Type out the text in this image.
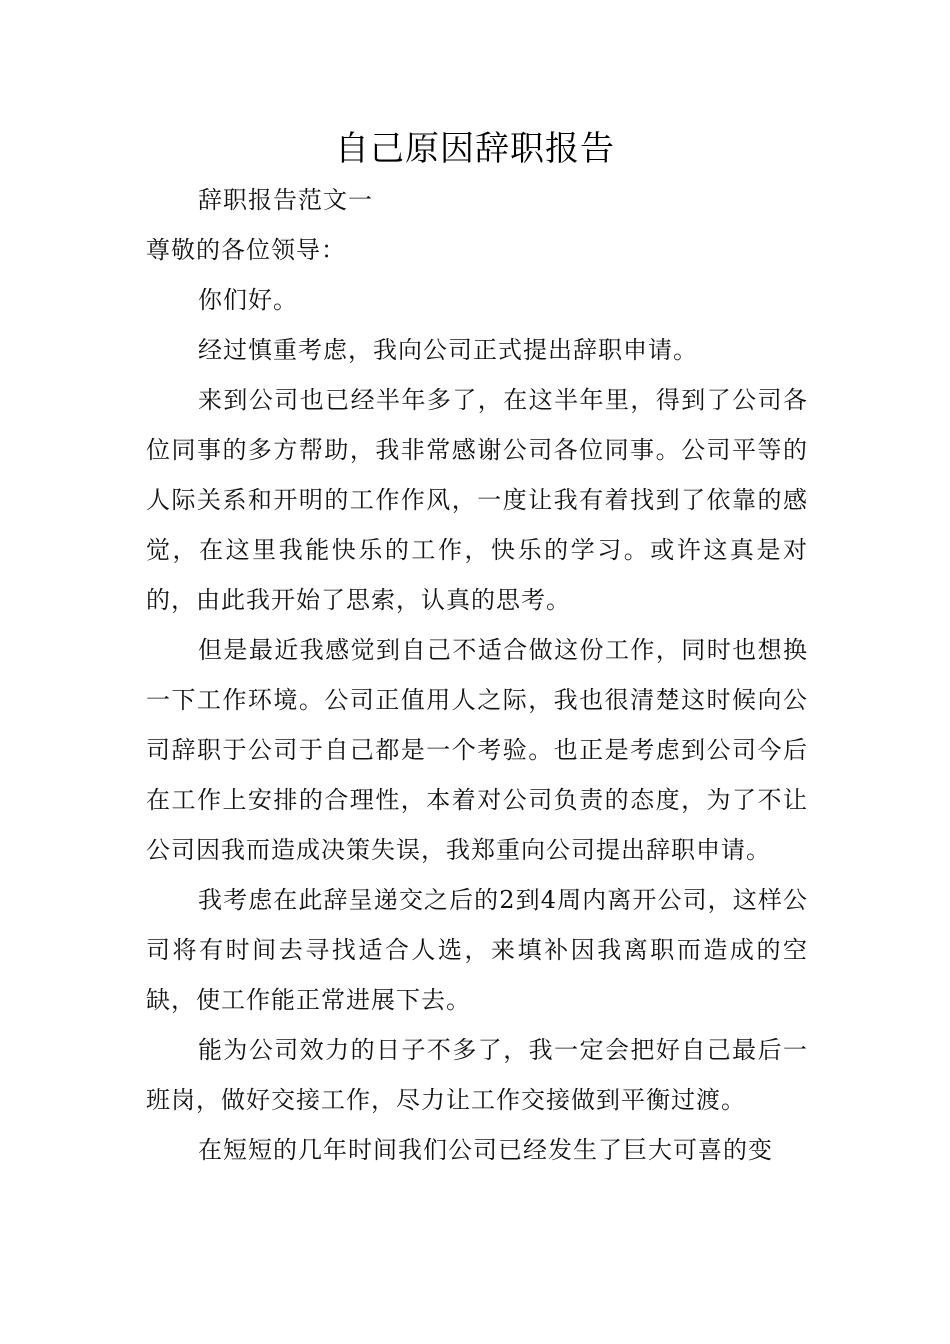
自己原因辞职报告

辞职报告范文一

尊敬的各位领导：

你们好。

经过慎重考虑，我向公司正式提出辞职申请。

来到公司也已经半年多了，在这半年里，得到了公司各位同事的多方帮助，我非常感谢公司各位同事。公司平等的人际关系和开明的工作作风，一度让我有着找到了依靠的感觉，在这里我能快乐的工作，快乐的学习。或许这真是对的，由此我开始了思索，认真的思考。

但是最近我感觉到自己不适合做这份工作，同时也想换一下工作环境。公司正值用人之际，我也很清楚这时候向公司辞职于公司于自己都是一个考验。也正是考虑到公司今后在工作上安排的合理性，本着对公司负责的态度，为了不让公司因我而造成决策失误，我郑重向公司提出辞职申请。

我考虑在此辞呈递交之后的2到4周内离开公司，这样公司将有时间去寻找适合人选，来填补因我离职而造成的空缺，使工作能正常进展下去。

能为公司效力的日子不多了，我一定会把好自己最后一班岗，做好交接工作，尽力让工作交接做到平衡过渡。

在短短的几年时间我们公司已经发生了巨大可喜的变
